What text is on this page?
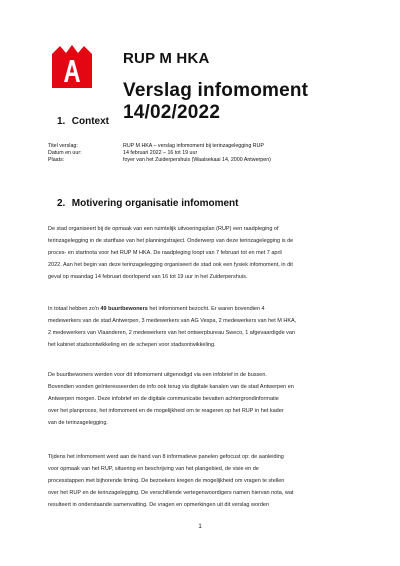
RUP M HKA
Verslag infomoment 14/02/2022
1. Context
Titel verslag:	RUP M HKA – verslag infomoment bij terinzagelegging RUP
Datum en uur:	14 februari 2022 – 16 tot 19 uur
Plaats:	foyer van het Zuiderpershuis (Waalsekaai 14, 2000 Antwerpen)
2. Motivering organisatie infomoment
De stad organiseert bij de opmaak van een ruimtelijk uitvoeringsplan (RUP) een raadpleging of
terinzagelegging in de startfase van het planningstraject. Onderwerp van deze terinzagelegging is de
proces- en startnota voor het RUP M HKA. De raadpleging loopt van 7 februari tot en met 7 april
2022. Aan het begin van deze terinzagelegging organiseert de stad ook een fysiek infomoment, in dit
geval op maandag 14 februari doorlopend van 16 tot 19 uur in het Zuiderpershuis.
In totaal hebben zo'n 49 buurtbewoners het infomoment bezocht. Er waren bovendien 4
medewerkers van de stad Antwerpen, 3 medewerkers van AG Vespa, 2 medewerkers van het M HKA,
2 medewerkers van Vlaanderen, 2 medewerkers van het ontwerpbureau Sweco, 1 afgevaardigde van
het kabinet stadsontwikkeling en de schepen voor stadsontwikkeling.
De buurtbewoners werden voor dit infomoment uitgenodigd via een infobrief in de bussen.
Bovendien vonden geïnteresseerden de info ook terug via digitale kanalen van de stad Antwerpen en
Antwerpen morgen. Deze infobrief en de digitale communicatie bevatten achtergrondinformatie
over het planproces, het infomoment en de mogelijkheid om te reageren op het RUP in het kader
van de terinzagelegging.
Tijdens het infomoment werd aan de hand van 8 informatieve panelen gefocust op: de aanleiding
voor opmaak van het RUP, situering en beschrijving van het plangebied, de visie en de
processtappen met bijhorende timing. De bezoekers kregen de mogelijkheid om vragen te stellen
over het RUP en de terinzagelegging. De verschillende vertegenwoordigers namen hiervan nota, wat
resulteert in onderstaande samenvatting. De vragen en opmerkingen uit dit verslag worden
1
